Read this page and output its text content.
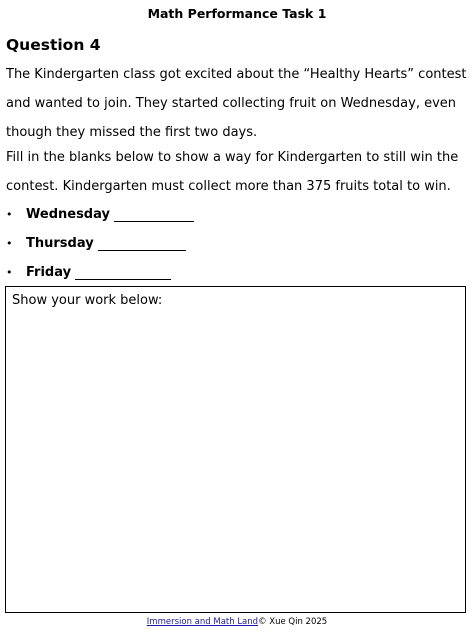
Math Performance Task 1
Question 4

The Kindergarten class got excited about the “Healthy Hearts” contest and wanted to join. They started collecting fruit on Wednesday, even though they missed the first two days.

Fill in the blanks below to show a way for Kindergarten to still win the contest. Kindergarten must collect more than 375 fruits total to win.

•	Wednesday
•	Thursday
•	Friday
Show your work below:
Immersion and Math Land© Xue Qin 2025
